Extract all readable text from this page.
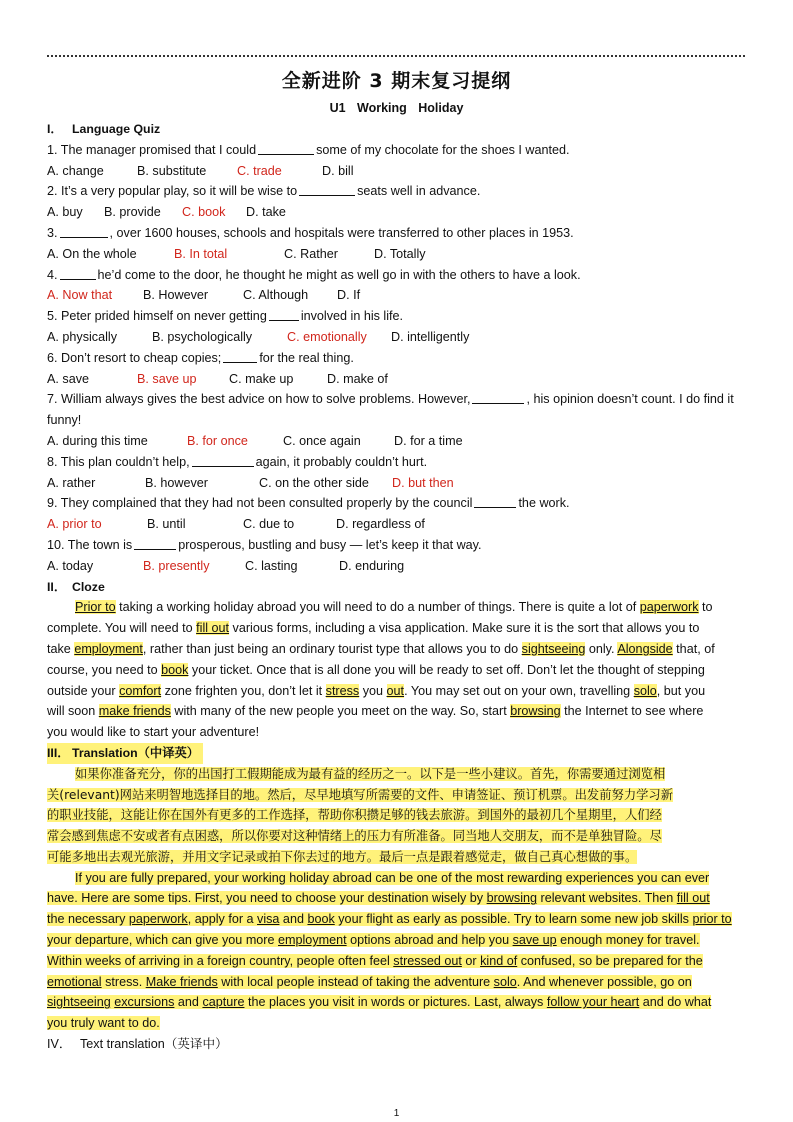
全新进阶 3 期末复习提纲
U1 Working Holiday
I． Language Quiz
1. The manager promised that I could	some of my chocolate for the shoes I wanted.
A. change	B. substitute	C. trade	D. bill
2. It’s a very popular play, so it will be wise to	seats well in advance.
A. buy	B. provide	C. book	D. take
3.	, over 1600 houses, schools and hospitals were transferred to other places in 1953.
A. On the whole	B. In total	C. Rather	D. Totally
4.	he’d come to the door, he thought he might as well go in with the others to have a look.
A. Now that	B. However	C. Although	D. If
5. Peter prided himself on never getting	involved in his life.
A. physically	B. psychologically	C. emotionally	D. intelligently
6. Don’t resort to cheap copies;	for the real thing.
A. save	B. save up	C. make up	D. make of
7. William always gives the best advice on how to solve problems. However,	, his opinion doesn’t count. I do find it
funny!
A. during this time	B. for once	C. once again	D. for a time
8. This plan couldn’t help,	again, it probably couldn’t hurt.
A. rather	B. however	C. on the other side	D. but then
9. They complained that they had not been consulted properly by the council	the work.
A. prior to	B. until	C. due to	D. regardless of
10. The town is	prosperous, bustling and busy — let’s keep it that way.
A. today	B. presently	C. lasting	D. enduring
II． Cloze
Prior to taking a working holiday abroad you will need to do a number of things. There is quite a lot of paperwork to
complete. You will need to fill out various forms, including a visa application. Make sure it is the sort that allows you to
take employment, rather than just being an ordinary tourist type that allows you to do sightseeing only. Alongside that, of
course, you need to book your ticket. Once that is all done you will be ready to set off. Don’t let the thought of stepping
outside your comfort zone frighten you, don’t let it stress you out. You may set out on your own, travelling solo, but you
will soon make friends with many of the new people you meet on the way. So, start browsing the Internet to see where
you would like to start your adventure!
III． Translation（中译英）
如果你准备充分，你的出国打工假期能成为最有益的经历之一。以下是一些小建议。首先，你需要通过浏览相
关(relevant)网站来明智地选择目的地。然后，尽早地填写所需要的文件、申请签证、预订机票。出发前努力学习新
的职业技能，这能让你在国外有更多的工作选择，帮助你积攒足够的钱去旅游。到国外的最初几个星期里，人们经
常会感到焦虑不安或者有点困惑，所以你要对这种情绪上的压力有所准备。同当地人交朋友，而不是单独冒险。尽
可能多地出去观光旅游，并用文字记录或拍下你去过的地方。最后一点是跟着感觉走，做自己真心想做的事。
If you are fully prepared, your working holiday abroad can be one of the most rewarding experiences you can ever
have. Here are some tips. First, you need to choose your destination wisely by browsing relevant websites. Then fill out
the necessary paperwork, apply for a visa and book your flight as early as possible. Try to learn some new job skills prior to
your departure, which can give you more employment options abroad and help you save up enough money for travel.
Within weeks of arriving in a foreign country, people often feel stressed out or kind of confused, so be prepared for the
emotional stress. Make friends with local people instead of taking the adventure solo. And whenever possible, go on
sightseeing excursions and capture the places you visit in words or pictures. Last, always follow your heart and do what
you truly want to do.
IV． Text translation（英译中）
1
